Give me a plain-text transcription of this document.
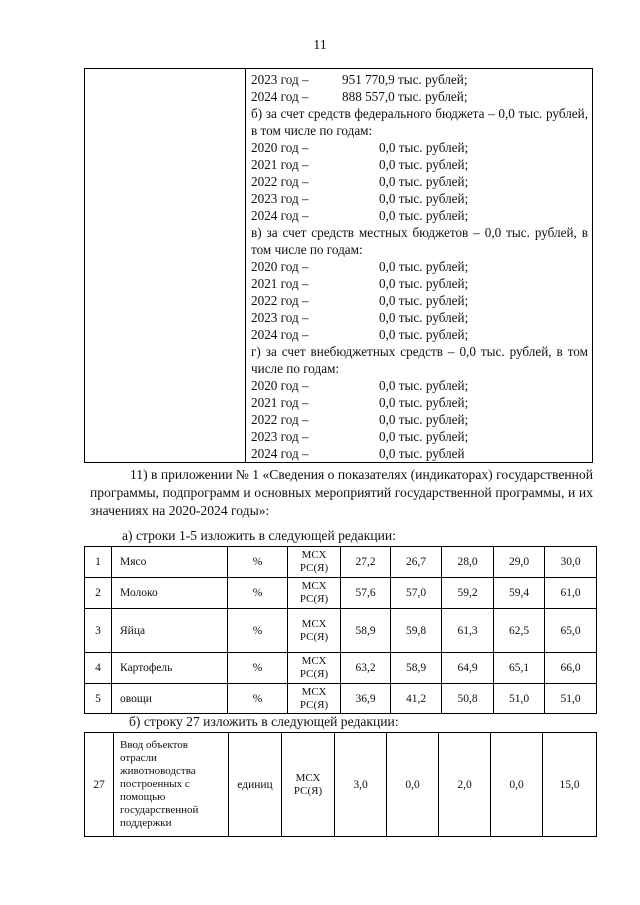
11

2023 год –	951 770,9 тыс. рублей;
2024 год –	888 557,0 тыс. рублей;
б) за счет средств федерального бюджета – 0,0 тыс. рублей, в том числе по годам:
2020 год –	0,0 тыс. рублей;
2021 год –	0,0 тыс. рублей;
2022 год –	0,0 тыс. рублей;
2023 год –	0,0 тыс. рублей;
2024 год –	0,0 тыс. рублей;
в) за счет средств местных бюджетов – 0,0 тыс. рублей, в том числе по годам:
2020 год –	0,0 тыс. рублей;
2021 год –	0,0 тыс. рублей;
2022 год –	0,0 тыс. рублей;
2023 год –	0,0 тыс. рублей;
2024 год –	0,0 тыс. рублей;
г) за счет внебюджетных средств – 0,0 тыс. рублей, в том числе по годам:
2020 год –	0,0 тыс. рублей;
2021 год –	0,0 тыс. рублей;
2022 год –	0,0 тыс. рублей;
2023 год –	0,0 тыс. рублей;
2024 год –	0,0 тыс. рублей
11) в приложении № 1 «Сведения о показателях (индикаторах) государственной программы, подпрограмм и основных мероприятий государственной программы, и их значениях на 2020-2024 годы»:
а) строки 1-5 изложить в следующей редакции:
1	Мясо	%	МСХ РС(Я)	27,2	26,7	28,0	29,0	30,0
2	Молоко	%	МСХ РС(Я)	57,6	57,0	59,2	59,4	61,0
3	Яйца	%	МСХ РС(Я)	58,9	59,8	61,3	62,5	65,0
4	Картофель	%	МСХ РС(Я)	63,2	58,9	64,9	65,1	66,0
5	овощи	%	МСХ РС(Я)	36,9	41,2	50,8	51,0	51,0
б) строку 27 изложить в следующей редакции:
27	Ввод объектов отрасли животноводства построенных с помощью государственной поддержки	единиц	МСХ РС(Я)	3,0	0,0	2,0	0,0	15,0
